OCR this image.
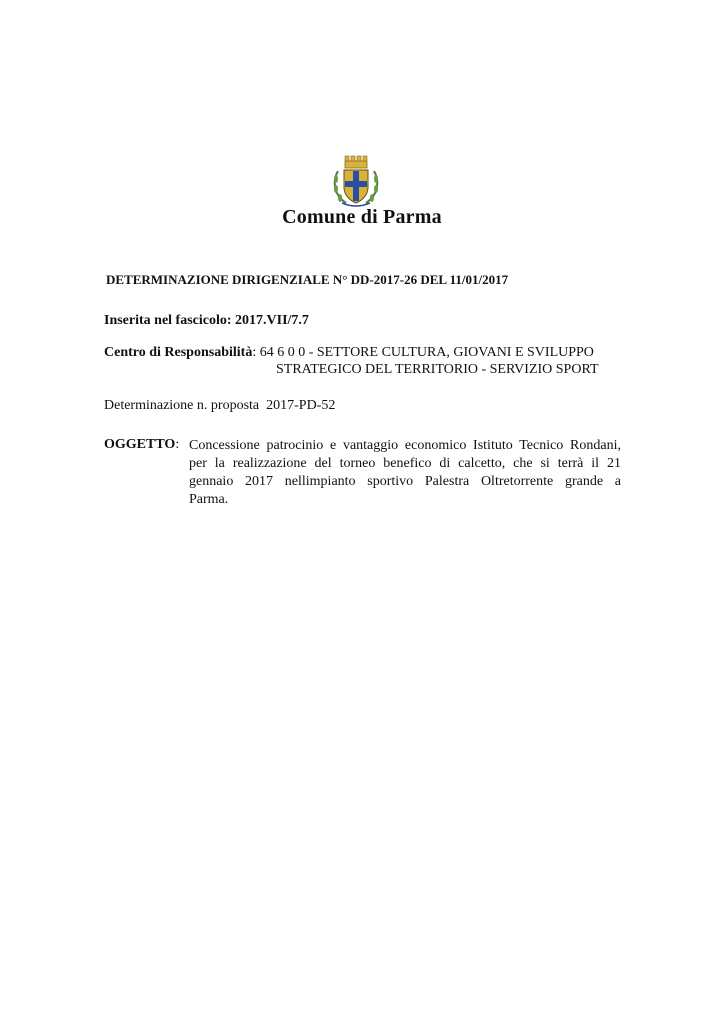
Comune di Parma
DETERMINAZIONE DIRIGENZIALE N° DD-2017-26 DEL 11/01/2017
Inserita nel fascicolo: 2017.VII/7.7
Centro di Responsabilità: 64 6 0 0 - SETTORE CULTURA, GIOVANI E SVILUPPO
STRATEGICO DEL TERRITORIO - SERVIZIO SPORT
Determinazione n. proposta 2017-PD-52
OGGETTO: Concessione patrocinio e vantaggio economico Istituto Tecnico Rondani,
per la realizzazione del torneo benefico di calcetto, che si terrà il 21
gennaio 2017 nellimpianto sportivo Palestra Oltretorrente grande a
Parma.
